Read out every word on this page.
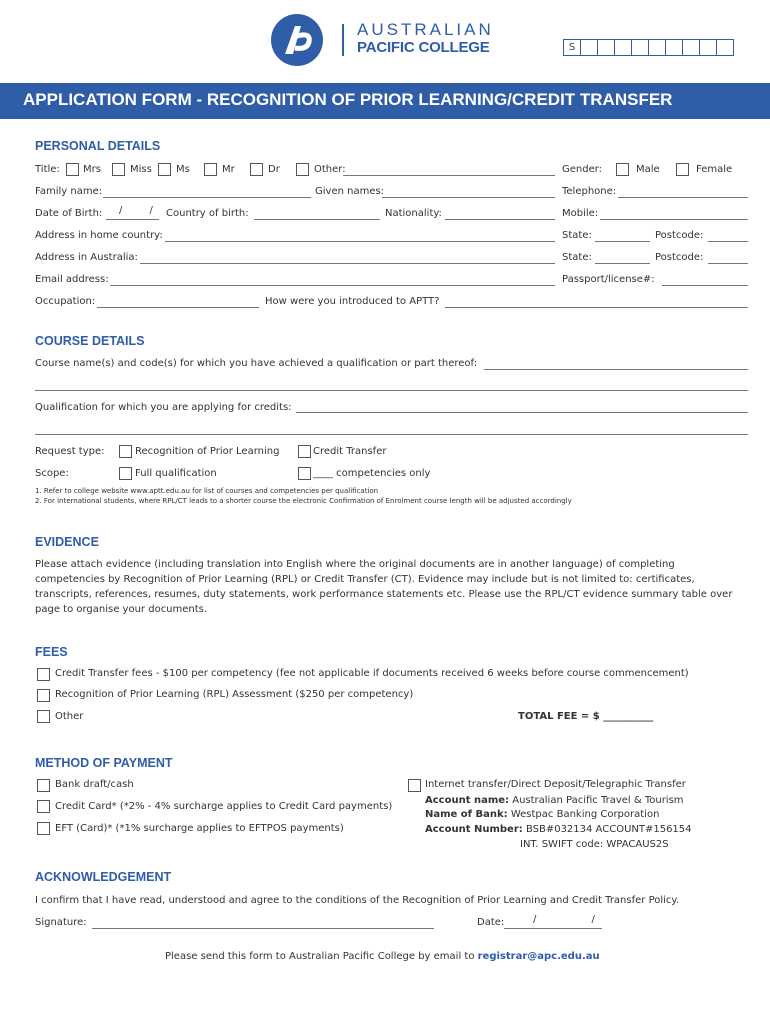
AUSTRALIAN
PACIFIC COLLEGE	S
APPLICATION FORM - RECOGNITION OF PRIOR LEARNING/CREDIT TRANSFER
PERSONAL DETAILS
Title: Mrs	Miss Ms	Mr	Dr	Other:	Gender:	Male	Female
Family name:	Given names:	Telephone:
Date of Birth: / / Country of birth:	Nationality:	Mobile:
Address in home country:	State:	Postcode:
Address in Australia:	State:	Postcode:
Email address:	Passport/license#:
Occupation:	How were you introduced to APTT?
COURSE DETAILS
Course name(s) and code(s) for which you have achieved a qualification or part thereof:
Qualification for which you are applying for credits:
Request type:	Recognition of Prior Learning	Credit Transfer
Scope:	Full qualification	____ competencies only
1. Refer to college website www.aptt.edu.au for list of courses and competencies per qualification
2. For international students, where RPL/CT leads to a shorter course the electronic Confirmation of Enrolment course length will be adjusted accordingly
EVIDENCE
Please attach evidence (including translation into English where the original documents are in another language) of completing competencies by Recognition of Prior Learning (RPL) or Credit Transfer (CT). Evidence may include but is not limited to: certificates, transcripts, references, resumes, duty statements, work performance statements etc. Please use the RPL/CT evidence summary table over page to organise your documents.
FEES
Credit Transfer fees - $100 per competency (fee not applicable if documents received 6 weeks before course commencement)
Recognition of Prior Learning (RPL) Assessment ($250 per competency)
Other	TOTAL FEE = $ __________
METHOD OF PAYMENT
Bank draft/cash
Credit Card* (*2% - 4% surcharge applies to Credit Card payments)
EFT (Card)* (*1% surcharge applies to EFTPOS payments)
Internet transfer/Direct Deposit/Telegraphic Transfer
Account name: Australian Pacific Travel & Tourism
Name of Bank: Westpac Banking Corporation
Account Number: BSB#032134 ACCOUNT#156154
INT. SWIFT code: WPACAUS2S
ACKNOWLEDGEMENT
I confirm that I have read, understood and agree to the conditions of the Recognition of Prior Learning and Credit Transfer Policy.
Signature:	Date:	/ /
Please send this form to Australian Pacific College by email to registrar@apc.edu.au
